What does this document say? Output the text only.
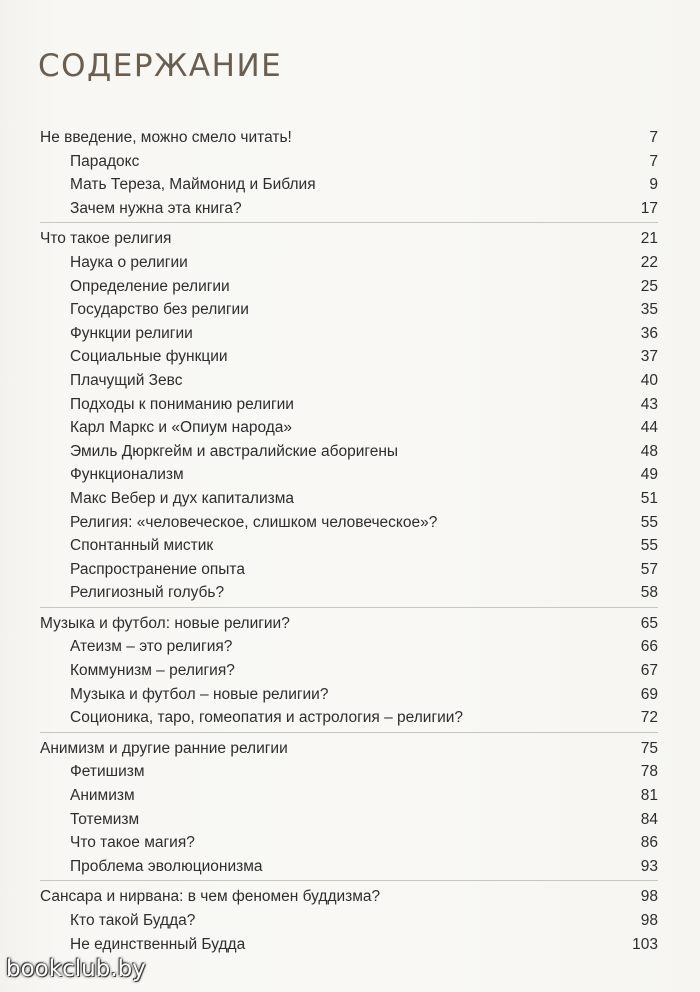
СОДЕРЖАНИЕ
Не введение, можно смело читать!	7
Парадокс	7
Мать Тереза, Маймонид и Библия	9
Зачем нужна эта книга?	17
Что такое религия	21
Наука о религии	22
Определение религии	25
Государство без религии	35
Функции религии	36
Социальные функции	37
Плачущий Зевс	40
Подходы к пониманию религии	43
Карл Маркс и «Опиум народа»	44
Эмиль Дюркгейм и австралийские аборигены	48
Функционализм	49
Макс Вебер и дух капитализма	51
Религия: «человеческое, слишком человеческое»?	55
Спонтанный мистик	55
Распространение опыта	57
Религиозный голубь?	58
Музыка и футбол: новые религии?	65
Атеизм – это религия?	66
Коммунизм – религия?	67
Музыка и футбол – новые религии?	69
Соционика, таро, гомеопатия и астрология – религии?	72
Анимизм и другие ранние религии	75
Фетишизм	78
Анимизм	81
Тотемизм	84
Что такое магия?	86
Проблема эволюционизма	93
Сансара и нирвана: в чем феномен буддизма?	98
Кто такой Будда?	98
Не единственный Будда	103
bookclub.by
